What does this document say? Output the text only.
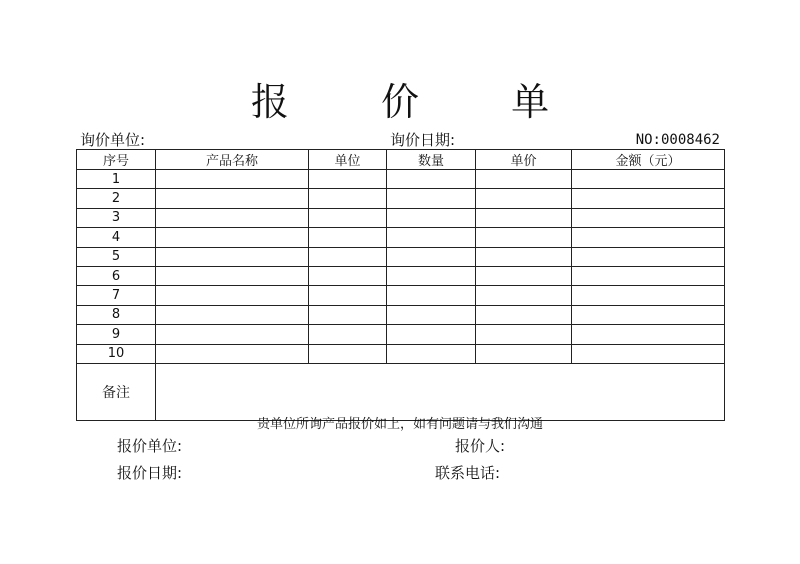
报 价 单
询价单位:	询价日期:	NO:0008462
序号	产品名称	单位	数量	单价	金额（元）
1					
2					
3					
4					
5					
6					
7					
8					
9					
10					
备注					
贵单位所询产品报价如上，如有问题请与我们沟通
报价单位:	报价人:
报价日期:	联系电话:
